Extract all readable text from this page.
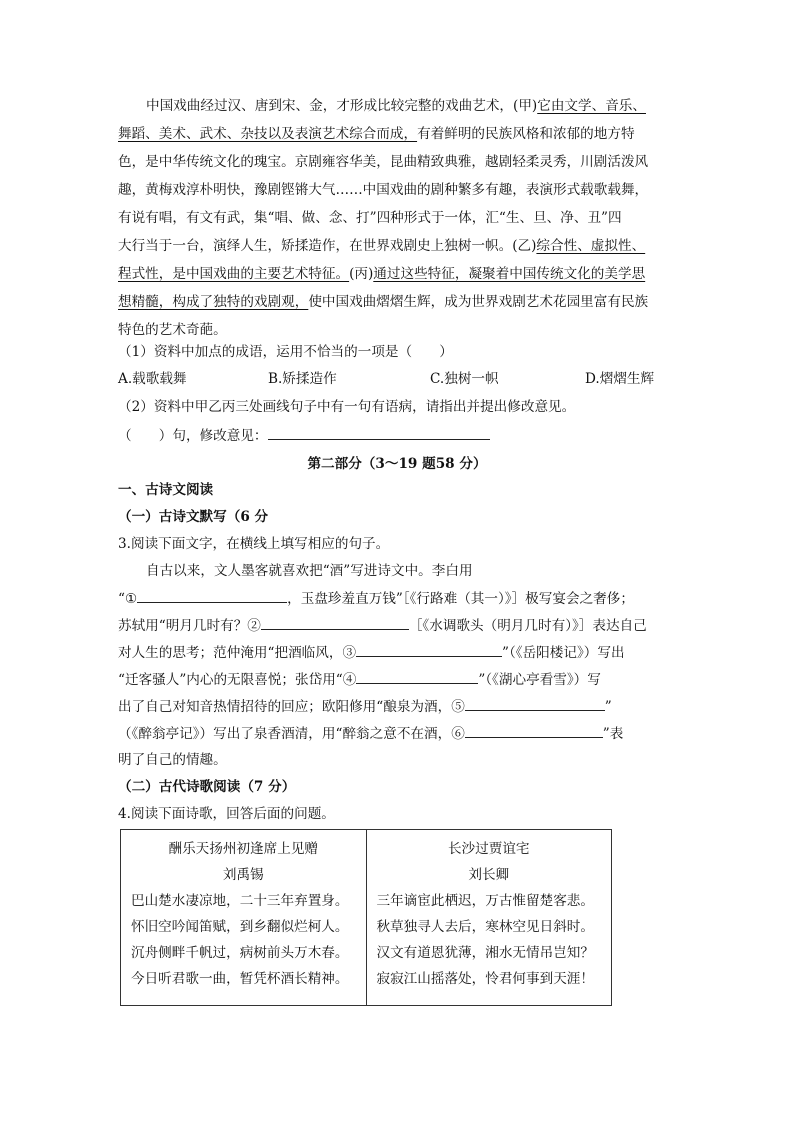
中国戏曲经过汉、唐到宋、金，才形成比较完整的戏曲艺术，(甲)它由文学、音乐、
舞蹈、美术、武术、杂技以及表演艺术综合而成，有着鲜明的民族风格和浓郁的地方特
色，是中华传统文化的瑰宝。京剧雍容华美，昆曲精致典雅，越剧轻柔灵秀，川剧活泼风
趣，黄梅戏淳朴明快，豫剧铿锵大气……中国戏曲的剧种繁多有趣，表演形式载歌载舞，
有说有唱，有文有武，集“唱、做、念、打”四种形式于一体，汇“生、旦、净、丑”四
大行当于一台，演绎人生，矫揉造作，在世界戏剧史上独树一帜。(乙)综合性、虚拟性、
程式性，是中国戏曲的主要艺术特征。(丙)通过这些特征，凝聚着中国传统文化的美学思
想精髓，构成了独特的戏剧观，使中国戏曲熠熠生辉，成为世界戏剧艺术花园里富有民族
特色的艺术奇葩。
（1）资料中加点的成语，运用不恰当的一项是（　　）
A.载歌载舞	B.矫揉造作	C.独树一帜	D.熠熠生辉
（2）资料中甲乙丙三处画线句子中有一句有语病，请指出并提出修改意见。
（　　）句，修改意见：
第二部分（3～19 题58 分）
一、古诗文阅读
（一）古诗文默写（6 分
3.阅读下面文字，在横线上填写相应的句子。
自古以来，文人墨客就喜欢把“酒”写进诗文中。李白用
“①	，玉盘珍羞直万钱”［《行路难（其一）》］极写宴会之奢侈；
苏轼用“明月几时有？②	［《水调歌头（明月几时有）》］表达自己
对人生的思考；范仲淹用“把酒临风，③	”（《岳阳楼记》）写出
“迁客骚人”内心的无限喜悦；张岱用“④	”（《湖心亭看雪》）写
出了自己对知音热情招待的回应；欧阳修用“酿泉为酒，⑤	”
（《醉翁亭记》）写出了泉香酒清，用“醉翁之意不在酒，⑥	”表
明了自己的情趣。
（二）古代诗歌阅读（7 分）
4.阅读下面诗歌，回答后面的问题。
酬乐天扬州初逢席上见赠
刘禹锡
巴山楚水凄凉地，二十三年弃置身。
怀旧空吟闻笛赋，到乡翻似烂柯人。
沉舟侧畔千帆过，病树前头万木春。
今日听君歌一曲，暂凭杯酒长精神。

长沙过贾谊宅
刘长卿
三年谪宦此栖迟，万古惟留楚客悲。
秋草独寻人去后，寒林空见日斜时。
汉文有道恩犹薄，湘水无情吊岂知？
寂寂江山摇落处，怜君何事到天涯！
